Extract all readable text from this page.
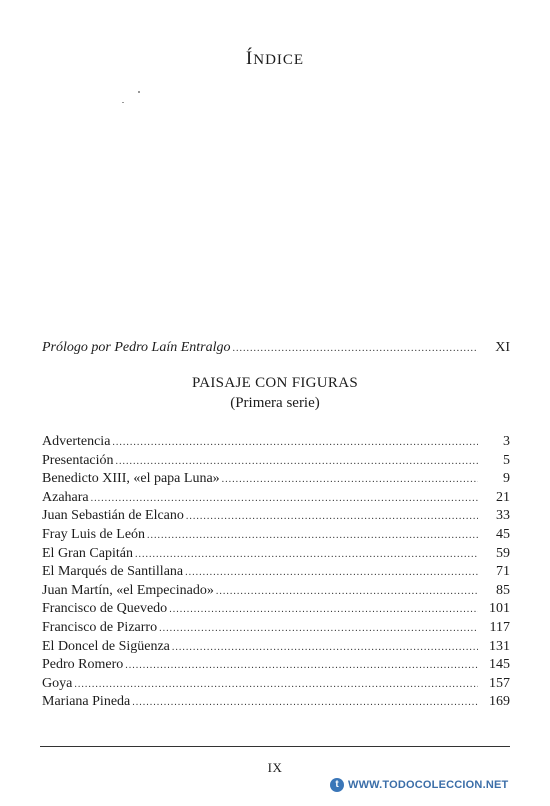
ÍNDICE
Prólogo por Pedro Laín Entralgo .....	XI
PAISAJE CON FIGURAS
(Primera serie)
Advertencia .....	3
Presentación .....	5
Benedicto XIII, «el papa Luna» .....	9
Azahara .....	21
Juan Sebastián de Elcano .....	33
Fray Luis de León .....	45
El Gran Capitán .....	59
El Marqués de Santillana .....	71
Juan Martín, «el Empecinado» .....	85
Francisco de Quevedo .....	101
Francisco de Pizarro .....	117
El Doncel de Sigüenza .....	131
Pedro Romero .....	145
Goya .....	157
Mariana Pineda .....	169
IX
t WWW.TODOCOLECCION.NET
